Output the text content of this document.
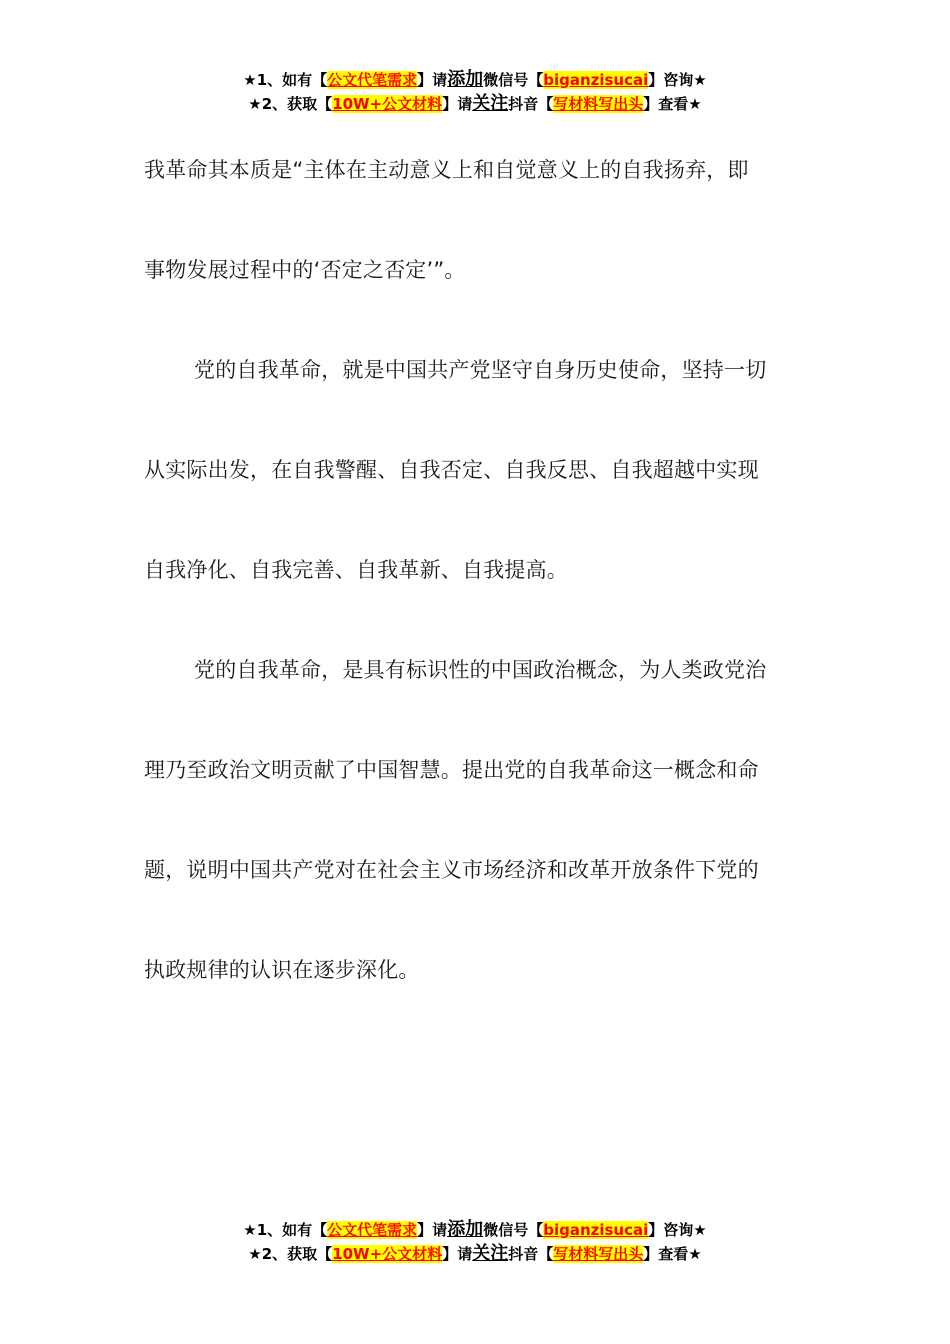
★1、如有【公文代笔需求】请添加微信号【biganzisucai】咨询★
★2、获取【10W+公文材料】请关注抖音【写材料写出头】查看★

我革命其本质是“主体在主动意义上和自觉意义上的自我扬弃，即

事物发展过程中的‘否定之否定’”。

党的自我革命，就是中国共产党坚守自身历史使命，坚持一切

从实际出发，在自我警醒、自我否定、自我反思、自我超越中实现

自我净化、自我完善、自我革新、自我提高。

党的自我革命，是具有标识性的中国政治概念，为人类政党治

理乃至政治文明贡献了中国智慧。提出党的自我革命这一概念和命

题，说明中国共产党对在社会主义市场经济和改革开放条件下党的

执政规律的认识在逐步深化。

★1、如有【公文代笔需求】请添加微信号【biganzisucai】咨询★
★2、获取【10W+公文材料】请关注抖音【写材料写出头】查看★
